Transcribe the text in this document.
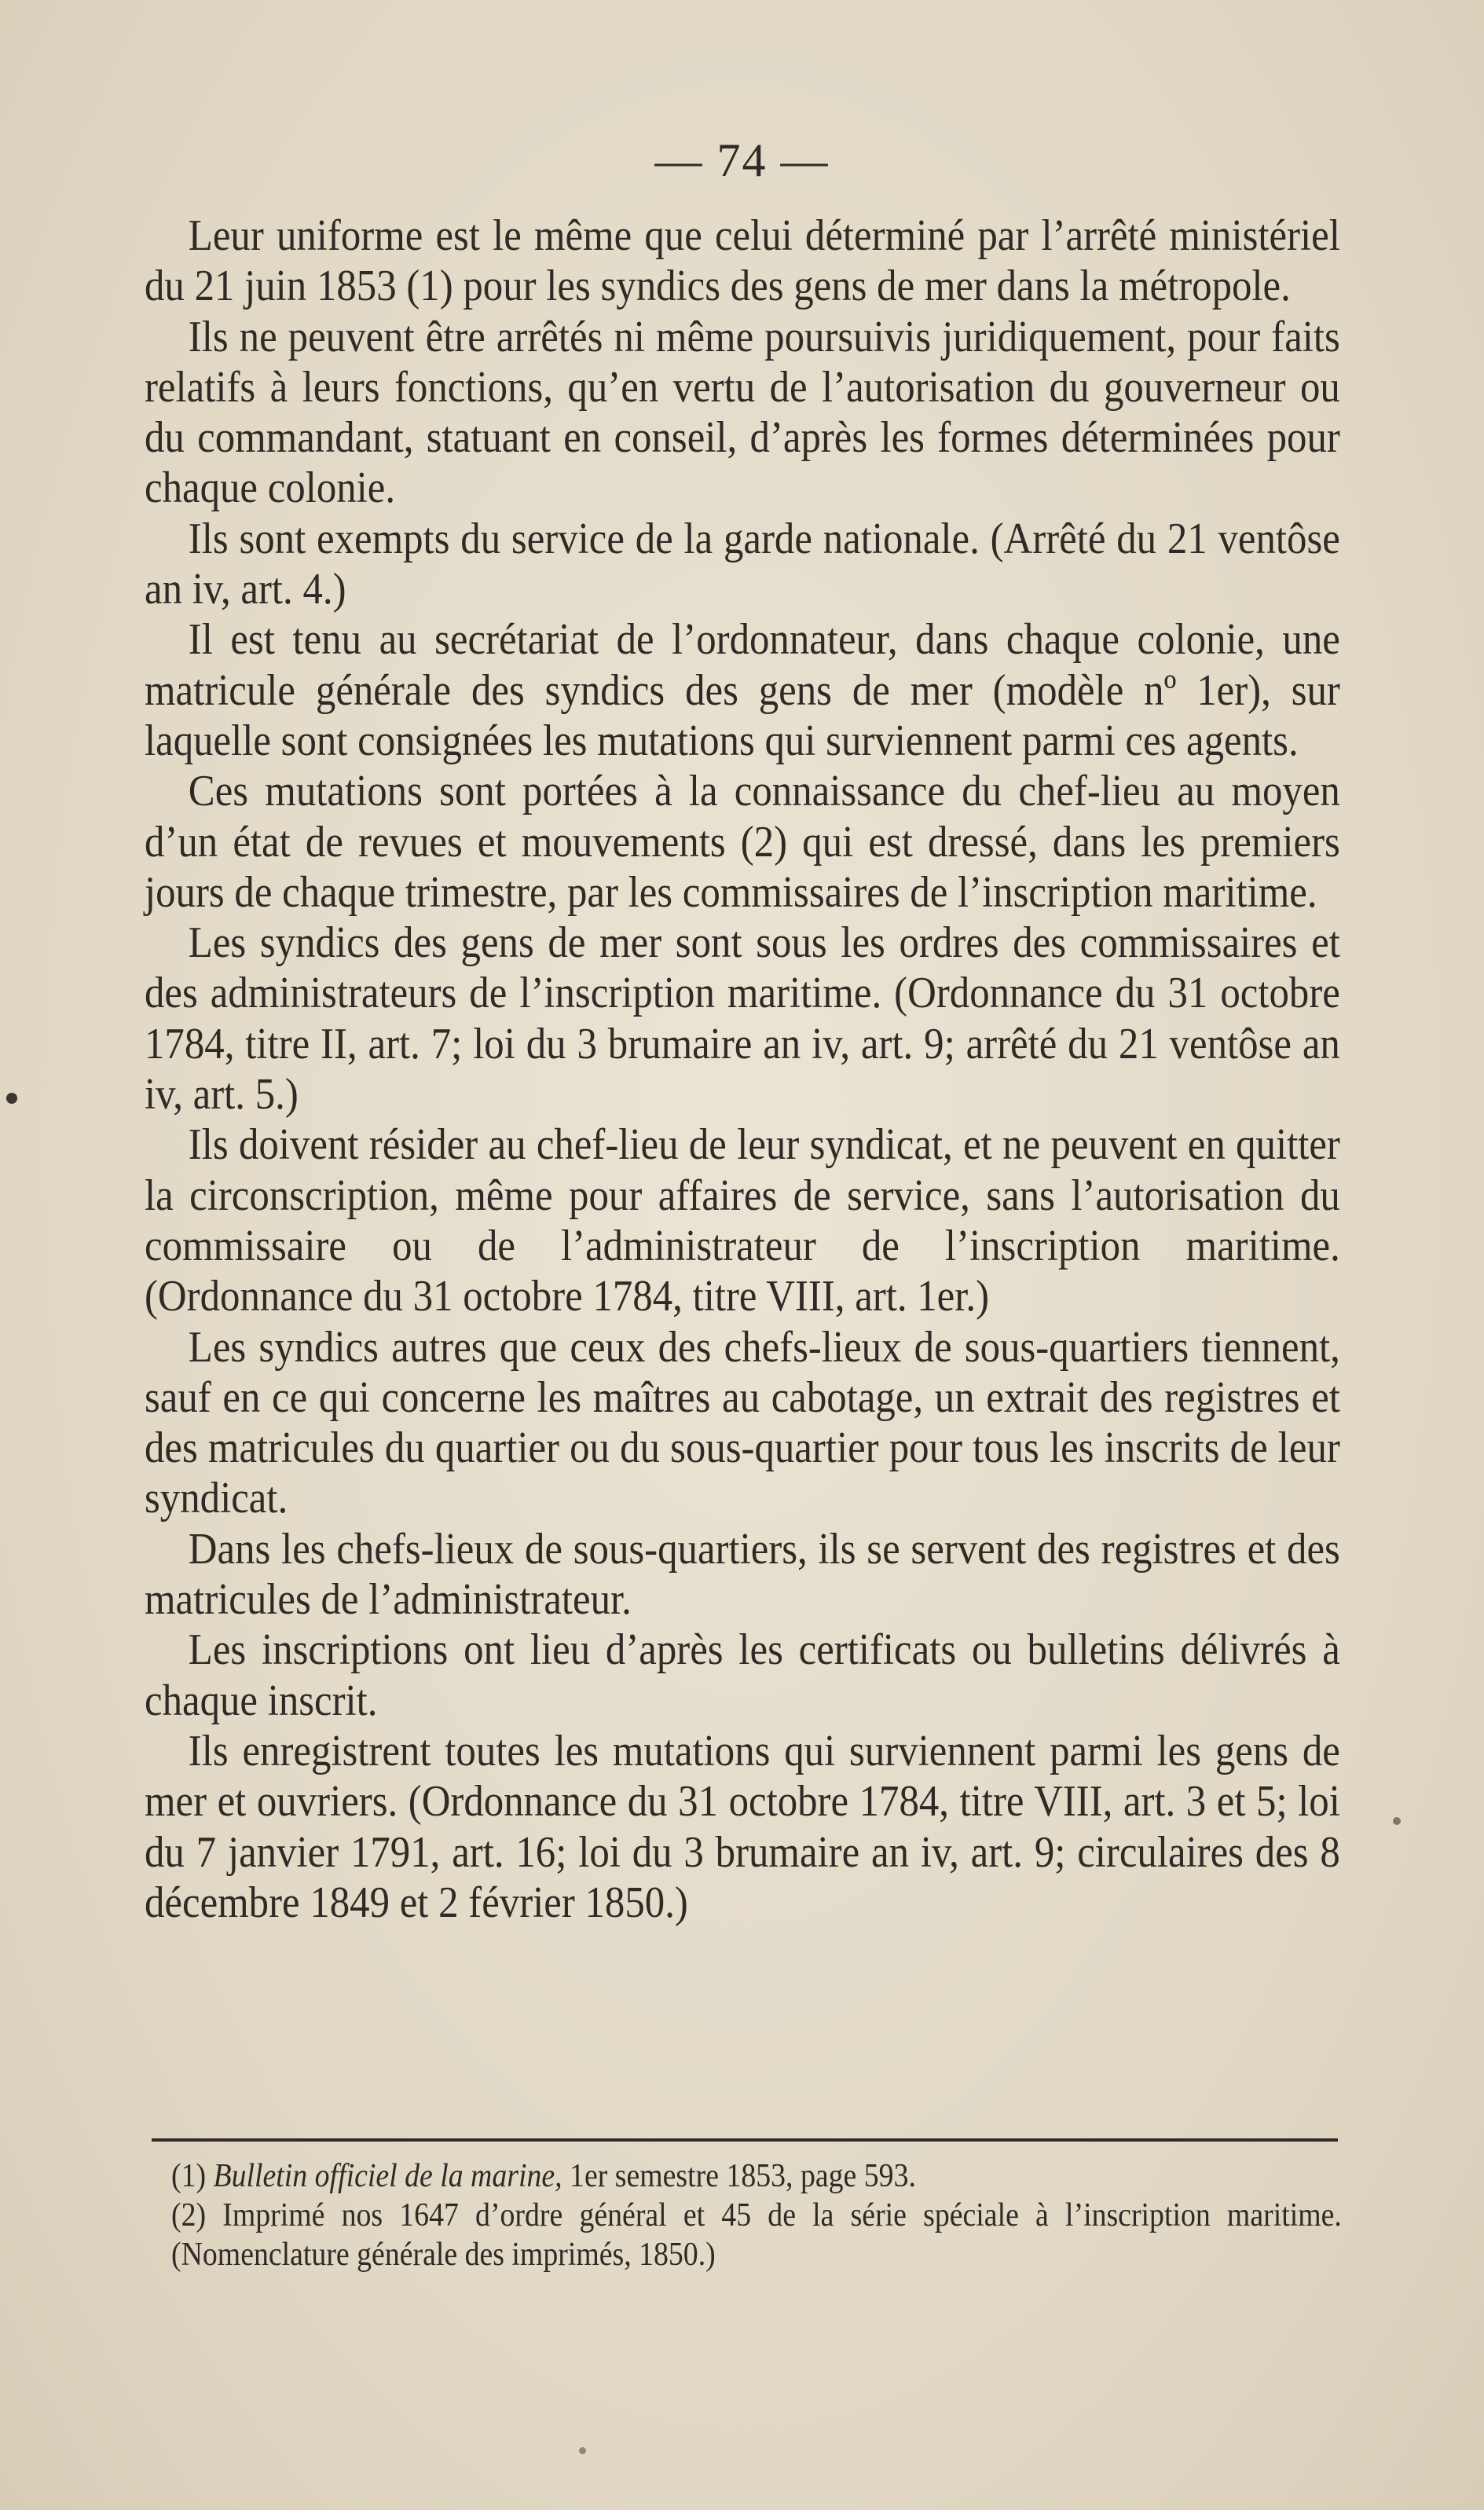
— 74 —

Leur uniforme est le même que celui déterminé par l’arrêté ministériel du 21 juin 1853 (1) pour les syndics des gens de mer dans la métropole.

Ils ne peuvent être arrêtés ni même poursuivis juridiquement, pour faits relatifs à leurs fonctions, qu’en vertu de l’autorisation du gouverneur ou du commandant, statuant en conseil, d’après les formes déterminées pour chaque colonie.

Ils sont exempts du service de la garde nationale. (Arrêté du 21 ventôse an iv, art. 4.)

Il est tenu au secrétariat de l’ordonnateur, dans chaque colonie, une matricule générale des syndics des gens de mer (modèle nº 1er), sur laquelle sont consignées les mutations qui surviennent parmi ces agents.

Ces mutations sont portées à la connaissance du chef-lieu au moyen d’un état de revues et mouvements (2) qui est dressé, dans les premiers jours de chaque trimestre, par les commissaires de l’inscription maritime.

Les syndics des gens de mer sont sous les ordres des commissaires et des administrateurs de l’inscription maritime. (Ordonnance du 31 octobre 1784, titre II, art. 7; loi du 3 brumaire an iv, art. 9; arrêté du 21 ventôse an iv, art. 5.)

Ils doivent résider au chef-lieu de leur syndicat, et ne peuvent en quitter la circonscription, même pour affaires de service, sans l’autorisation du commissaire ou de l’administrateur de l’inscription maritime. (Ordonnance du 31 octobre 1784, titre VIII, art. 1er.)

Les syndics autres que ceux des chefs-lieux de sous-quartiers tiennent, sauf en ce qui concerne les maîtres au cabotage, un extrait des registres et des matricules du quartier ou du sous-quartier pour tous les inscrits de leur syndicat.

Dans les chefs-lieux de sous-quartiers, ils se servent des registres et des matricules de l’administrateur.

Les inscriptions ont lieu d’après les certificats ou bulletins délivrés à chaque inscrit.

Ils enregistrent toutes les mutations qui surviennent parmi les gens de mer et ouvriers. (Ordonnance du 31 octobre 1784, titre VIII, art. 3 et 5; loi du 7 janvier 1791, art. 16; loi du 3 brumaire an iv, art. 9; circulaires des 8 décembre 1849 et 2 février 1850.)

(1) Bulletin officiel de la marine, 1er semestre 1853, page 593.

(2) Imprimé nos 1647 d’ordre général et 45 de la série spéciale à l’inscription maritime. (Nomenclature générale des imprimés, 1850.)
